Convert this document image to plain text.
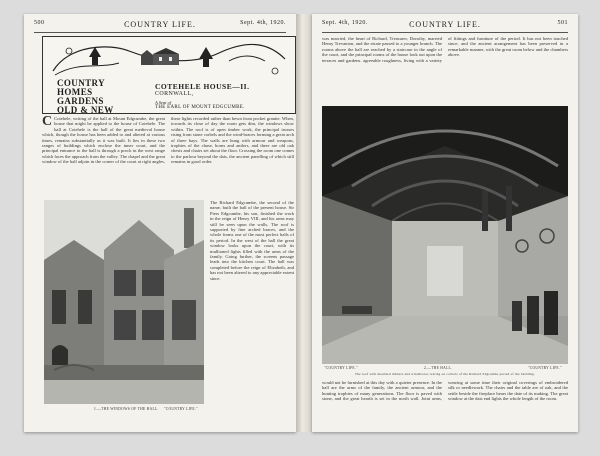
500	COUNTRY LIFE.	Sept. 4th, 1920.
COUNTRY
HOMES
GARDENS
OLD & NEW
COTEHELE HOUSE—II.
CORNWALL,
A Seat of
THE EARL OF MOUNT EDGCUMBE.
C Cotehele, writing of the hall at Mount Edgcumbe, the great house that might be applied to the house of Cotehele. The hall at Cotehele is the hall of the great medieval house which, though the house has been added to and altered at various times, remains substantially as it was built. It lies in these two ranges of buildings which enclose the inner court, and the principal entrance to the hall is through a porch in the west range which faces the approach from the valley. The chapel and the great window of the hall adjoin in the corner of the court at right angles, these lights recorded rather than hewn from pocket granite. When, towards its close of day the room gets dim, the windows show within. The roof is of open timber work, the principal trusses rising from stone corbels and the wind-braces forming a great arch of three bays. The walls are hung with armour and weapons, trophies of the chase, horns and antlers, and there are old oak chests and chairs set about the floor. Crossing the room one comes to the parlour beyond the dais, the ancient panelling of which still remains in good order.
The Richard Edgcumbe, the second of the name, built the hall of the present house. Sir Piers Edgcumbe, his son, finished the work in the reign of Henry VIII, and his arms may still be seen upon the walls. The roof is supported by fine arched braces, and the whole forms one of the most perfect halls of its period. In the west of the hall the great window looks upon the court, with its mullioned lights filled with the arms of the family. Going further, the screens passage leads into the kitchen court. The hall was completed before the reign of Elizabeth, and has not been altered to any appreciable extent since.
1.—THE WINDOWS OF THE HALL. "COUNTRY LIFE."
Sept. 4th, 1920.	COUNTRY LIFE.	501
was married, the heart of Richard, Treasurer, Dorothy, married Henry Trevanion, and the estate passed to a younger branch. The rooms above the hall are reached by a staircase in the angle of the court, and the principal rooms of the house look out upon the terraces and gardens. agreeable roughness, living with a variety of fittings and furniture of the period. It has not been touched since, and the ancient arrangement has been preserved in a remarkable manner, with the great room below and the chambers above.
"COUNTRY LIFE."	2.—THE HALL.	"COUNTRY LIFE."
The roof with moulded timbers and windbraces resting on corbels of the Richard Edgcumbe period of the building.
would not be furnished at this day with a quieter presence. In the hall are the arms of the family, the ancient armour, and the hunting trophies of many generations. The floor is paved with stone, and the great hearth is set in the north wall. Joint arms, wearing at some time their original coverings of embroidered silk or needlework. The chairs and the table are of oak, and the settle beside the fireplace bears the date of its making. The great window at the dais end lights the whole length of the room.
